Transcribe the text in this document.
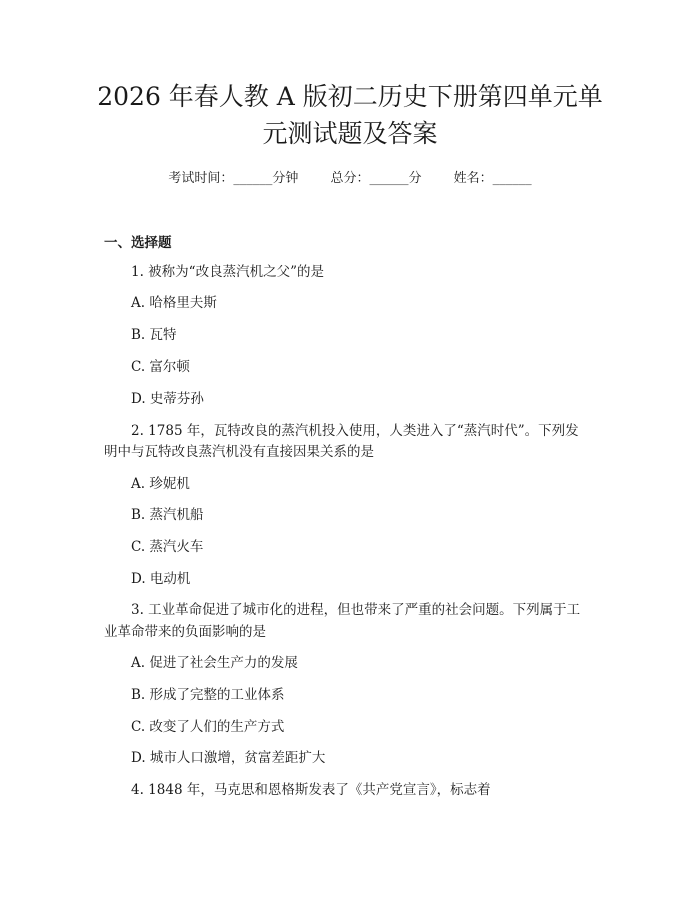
2026 年春人教 A 版初二历史下册第四单元单
元测试题及答案
考试时间：______分钟 总分：______分 姓名：______
一、选择题
1. 被称为“改良蒸汽机之父”的是
A. 哈格里夫斯
B. 瓦特
C. 富尔顿
D. 史蒂芬孙
2. 1785 年，瓦特改良的蒸汽机投入使用，人类进入了“蒸汽时代”。下列发
明中与瓦特改良蒸汽机没有直接因果关系的是
A. 珍妮机
B. 蒸汽机船
C. 蒸汽火车
D. 电动机
3. 工业革命促进了城市化的进程，但也带来了严重的社会问题。下列属于工
业革命带来的负面影响的是
A. 促进了社会生产力的发展
B. 形成了完整的工业体系
C. 改变了人们的生产方式
D. 城市人口激增，贫富差距扩大
4. 1848 年，马克思和恩格斯发表了《共产党宣言》，标志着
